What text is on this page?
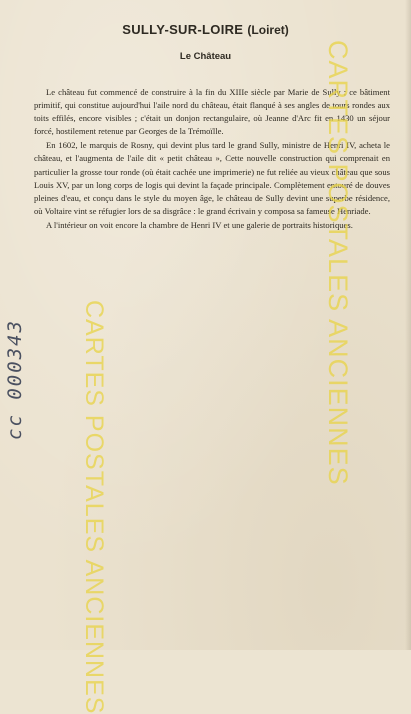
SULLY-SUR-LOIRE (Loiret)
Le Château

Le château fut commencé de construire à la fin du XIIIe siècle par Marie de Sully ; ce bâtiment primitif, qui constitue aujourd'hui l'aile nord du château, était flanqué à ses angles de tours rondes aux toits effilés, encore visibles ; c'était un donjon rectangulaire, où Jeanne d'Arc fit en 1430 un séjour forcé, hostilement retenue par Georges de la Trémoïlle.

En 1602, le marquis de Rosny, qui devint plus tard le grand Sully, ministre de Henri IV, acheta le château, et l'augmenta de l'aile dit « petit château », Cette nouvelle construction qui comprenait en particulier la grosse tour ronde (où était cachée une imprimerie) ne fut reliée au vieux château que sous Louis XV, par un long corps de logis qui devint la façade principale. Complètement entouré de douves pleines d'eau, et conçu dans le style du moyen âge, le château de Sully devint une superbe résidence, où Voltaire vint se réfugier lors de sa disgrâce : le grand écrivain y composa sa fameuse Henriade.

A l'intérieur on voit encore la chambre de Henri IV et une galerie de portraits historiques.

CARTES POSTALES ANCIENNES
CARTES POSTALES ANCIENNES
cc 000343
